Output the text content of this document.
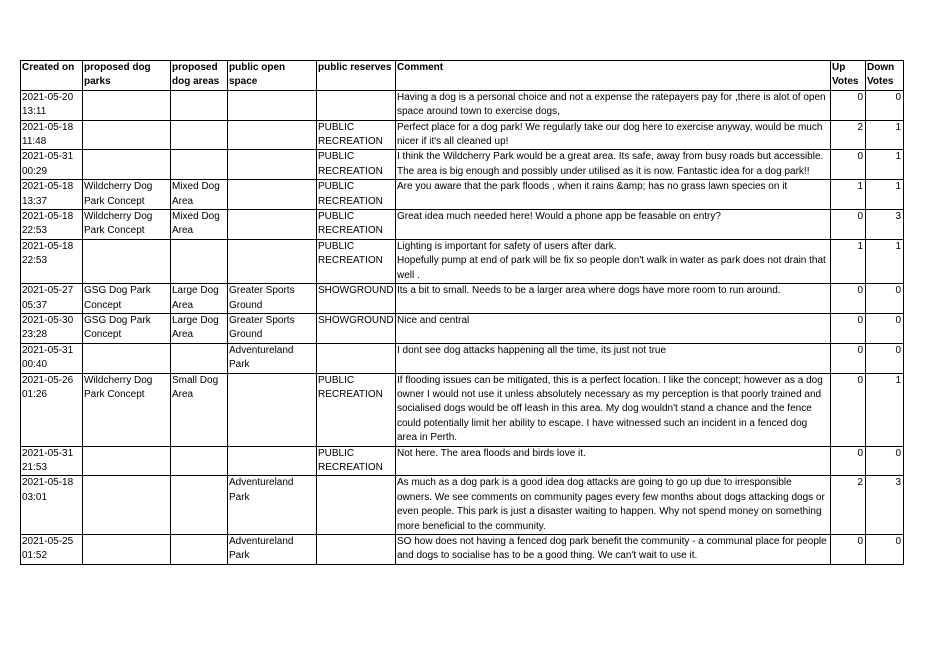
Created on	proposed dog parks	proposed dog areas	public open space	public reserves	Comment	Up Votes	Down Votes
2021-05-20 13:11					Having a dog is a personal choice and not a expense the ratepayers pay for ,there is alot of open space around town to exercise dogs,	0	0
2021-05-18 11:48				PUBLIC RECREATION	Perfect place for a dog park! We regularly take our dog here to exercise anyway, would be much nicer if it's all cleaned up!	2	1
2021-05-31 00:29				PUBLIC RECREATION	I think the Wildcherry Park would be a great area. Its safe, away from busy roads but accessible. The area is big enough and possibly under utilised as it is now. Fantastic idea for a dog park!!	0	1
2021-05-18 13:37	Wildcherry Dog Park Concept	Mixed Dog Area		PUBLIC RECREATION	Are you aware that the park floods , when it rains &amp; has no grass lawn species on it	1	1
2021-05-18 22:53	Wildcherry Dog Park Concept	Mixed Dog Area		PUBLIC RECREATION	Great idea much needed here! Would a phone app be feasable on entry?	0	3
2021-05-18 22:53				PUBLIC RECREATION	Lighting is important for safety of users after dark.
Hopefully pump at end of park will be fix so people don't walk in water as park does not drain that well .	1	1
2021-05-27 05:37	GSG Dog Park Concept	Large Dog Area	Greater Sports Ground	SHOWGROUND	Its a bit to small. Needs to be a larger area where dogs have more room to run around.	0	0
2021-05-30 23:28	GSG Dog Park Concept	Large Dog Area	Greater Sports Ground	SHOWGROUND	Nice and central	0	0
2021-05-31 00:40			Adventureland Park		I dont see dog attacks happening all the time, its just not true	0	0
2021-05-26 01:26	Wildcherry Dog Park Concept	Small Dog Area		PUBLIC RECREATION	If flooding issues can be mitigated, this is a perfect location. I like the concept; however as a dog owner I would not use it unless absolutely necessary as my perception is that poorly trained and socialised dogs would be off leash in this area. My dog wouldn't stand a chance and the fence could potentially limit her ability to escape. I have witnessed such an incident in a fenced dog area in Perth.	0	1
2021-05-31 21:53				PUBLIC RECREATION	Not here. The area floods and birds love it.	0	0
2021-05-18 03:01			Adventureland Park		As much as a dog park is a good idea dog attacks are going to go up due to irresponsible owners. We see comments on community pages every few months about dogs attacking dogs or even people. This park is just a disaster waiting to happen. Why not spend money on something more beneficial to the community.	2	3
2021-05-25 01:52			Adventureland Park		SO how does not having a fenced dog park benefit the community - a communal place for people and dogs to socialise has to be a good thing. We can't wait to use it.	0	0
